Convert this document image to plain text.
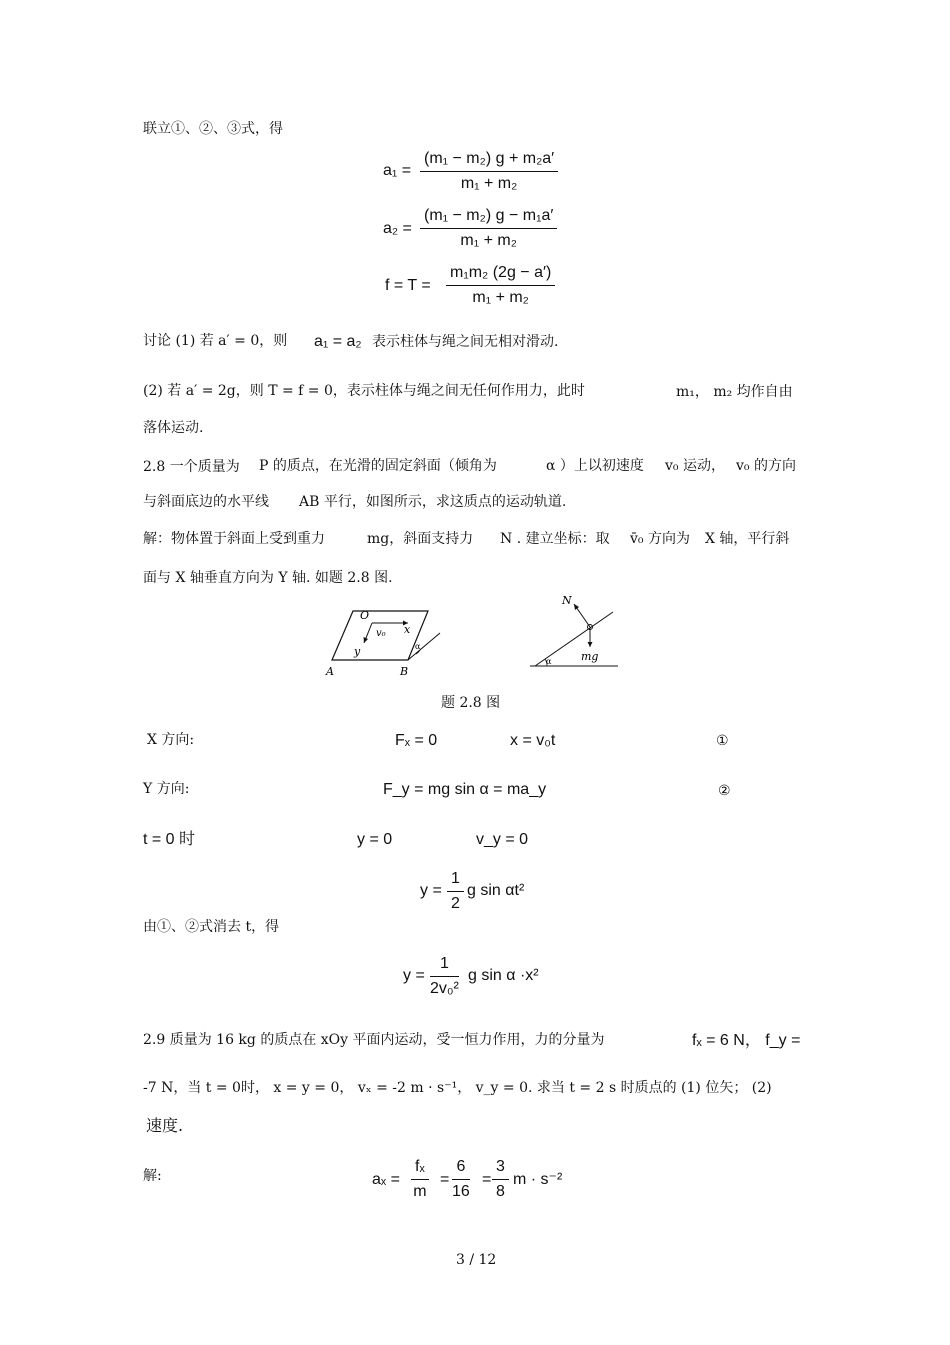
联立①、②、③式，得
$a_1 = \frac{\text{(m₁ − m₂) g + m₂a′}}{\text{m₁ + m₂}}$
$a_2 = \frac{\text{(m₁ − m₂) g − m₁a′}}{\text{m₁ + m₂}}$
$f = T = \frac{\text{m₁m₂ (2g − a′)}}{\text{m₁ + m₂}}$
讨论 (1) 若 a′ = 0，则 a₁ = a₂ 表示柱体与绳之间无相对滑动.
(2) 若 a′ = 2g，则 T = f = 0，表示柱体与绳之间无任何作用力，此时	m₁， m₂ 均作自由
落体运动.
2.8 一个质量为 P 的质点，在光滑的固定斜面（倾角为	α ）上以初速度 v₀ 运动， v₀ 的方向
与斜面底边的水平线 AB 平行，如图所示，求这质点的运动轨道.
解：物体置于斜面上受到重力	mg，斜面支持力 N . 建立坐标：取 v̄₀ 方向为 X 轴，平行斜
面与 X 轴垂直方向为 Y 轴. 如题 2.8 图.
O
v₀ x
y
A	B
α
N
mg
α
题 2.8 图
X 方向:	Fₓ = 0	x = v₀t	①
Y 方向:	F_y = mg sin α = ma_y	②
t = 0 时	y = 0	v_y = 0
$y = \frac{1}{2}$ g sin αt²
由①、②式消去 t，得
$y = \frac{1}{\text{2v₀²}}$ g sin α ·x²
2.9 质量为 16 kg 的质点在 xOy 平面内运动，受一恒力作用，力的分量为	fₓ = 6 N， f_y =
-7 N，当 t = 0时， x = y = 0， vₓ = -2 m · s⁻¹， v_y = 0. 求当 t = 2 s 时质点的 (1) 位矢； (2)
速度.
解:	$a_x = \frac{\text{fₓ}}{m} = \frac{6}{16} = \frac{3}{8}$ m · s⁻²
3 / 12
